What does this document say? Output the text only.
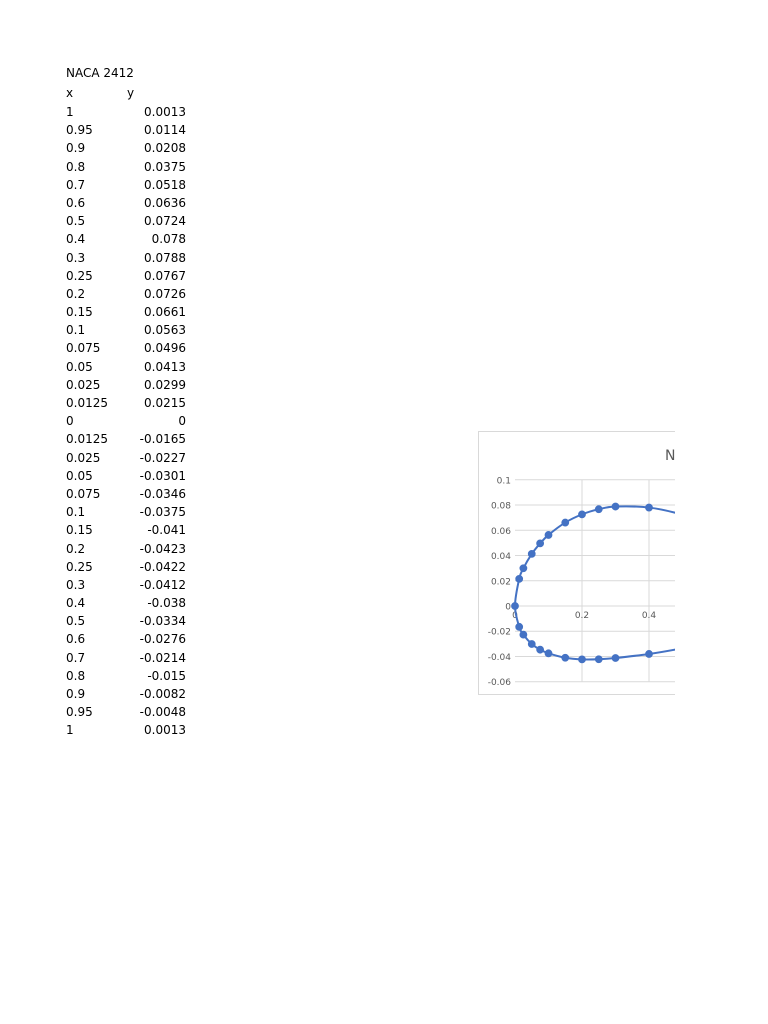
NACA 2412
x	y
1	0.0013
0.95	0.0114
0.9	0.0208
0.8	0.0375
0.7	0.0518
0.6	0.0636
0.5	0.0724
0.4	0.078
0.3	0.0788
0.25	0.0767
0.2	0.0726
0.15	0.0661
0.1	0.0563
0.075	0.0496
0.05	0.0413
0.025	0.0299
0.0125	0.0215
0	0
0.0125	-0.0165
0.025	-0.0227
0.05	-0.0301
0.075	-0.0346
0.1	-0.0375
0.15	-0.041
0.2	-0.0423
0.25	-0.0422
0.3	-0.0412
0.4	-0.038
0.5	-0.0334
0.6	-0.0276
0.7	-0.0214
0.8	-0.015
0.9	-0.0082
0.95	-0.0048
1	0.0013
0.1
0.08
0.06
0.04
0.02
0
-0.02
-0.04
-0.06
0	0.2	0.4
N
